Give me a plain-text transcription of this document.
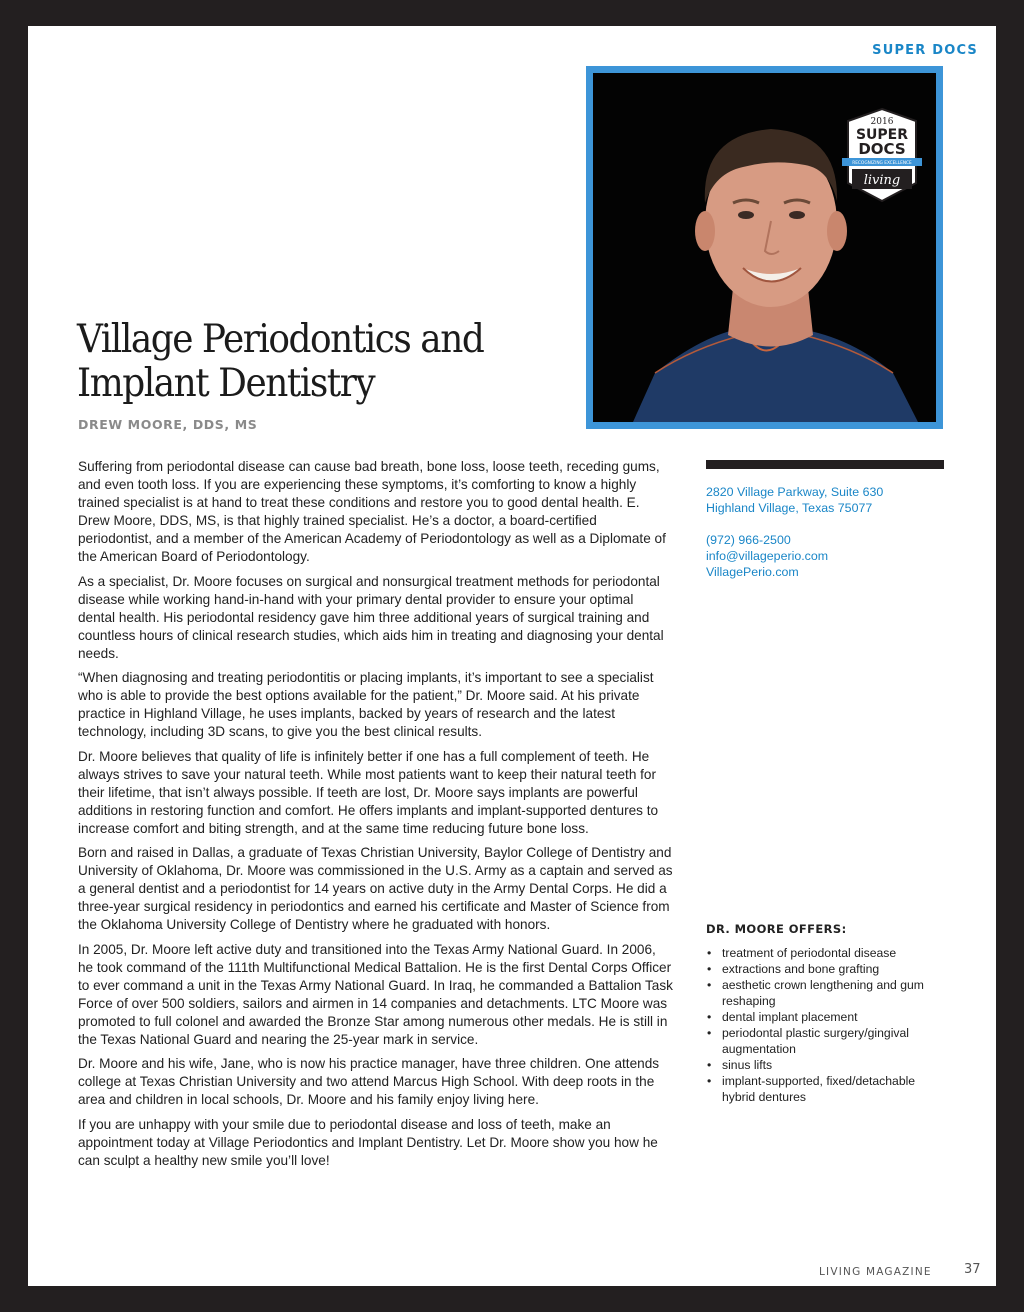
SUPER DOCS
2016
SUPER
DOCS
RECOGNIZING EXCELLENCE
living
Village Periodontics and
Implant Dentistry
DREW MOORE, DDS, MS

Suffering from periodontal disease can cause bad breath, bone loss, loose teeth, receding gums, and even tooth loss. If you are experiencing these symptoms, it’s comforting to know a highly trained specialist is at hand to treat these conditions and restore you to good dental health. E. Drew Moore, DDS, MS, is that highly trained specialist. He’s a doctor, a board-certified periodontist, and a member of the American Academy of Periodontology as well as a Diplomate of the American Board of Periodontology.

As a specialist, Dr. Moore focuses on surgical and nonsurgical treatment methods for periodontal disease while working hand-in-hand with your primary dental provider to ensure your optimal dental health. His periodontal residency gave him three additional years of surgical training and countless hours of clinical research studies, which aids him in treating and diagnosing your dental needs.

“When diagnosing and treating periodontitis or placing implants, it’s important to see a specialist who is able to provide the best options available for the patient,” Dr. Moore said. At his private practice in Highland Village, he uses implants, backed by years of research and the latest technology, including 3D scans, to give you the best clinical results.

Dr. Moore believes that quality of life is infinitely better if one has a full complement of teeth. He always strives to save your natural teeth. While most patients want to keep their natural teeth for their lifetime, that isn’t always possible. If teeth are lost, Dr. Moore says implants are powerful additions in restoring function and comfort. He offers implants and implant-supported dentures to increase comfort and biting strength, and at the same time reducing future bone loss.

Born and raised in Dallas, a graduate of Texas Christian University, Baylor College of Dentistry and University of Oklahoma, Dr. Moore was commissioned in the U.S. Army as a captain and served as a general dentist and a periodontist for 14 years on active duty in the Army Dental Corps. He did a three-year surgical residency in periodontics and earned his certificate and Master of Science from the Oklahoma University College of Dentistry where he graduated with honors.

In 2005, Dr. Moore left active duty and transitioned into the Texas Army National Guard. In 2006, he took command of the 111th Multifunctional Medical Battalion. He is the first Dental Corps Officer to ever command a unit in the Texas Army National Guard. In Iraq, he commanded a Battalion Task Force of over 500 soldiers, sailors and airmen in 14 companies and detachments. LTC Moore was promoted to full colonel and awarded the Bronze Star among numerous other medals. He is still in the Texas National Guard and nearing the 25-year mark in service.

Dr. Moore and his wife, Jane, who is now his practice manager, have three children. One attends college at Texas Christian University and two attend Marcus High School. With deep roots in the area and children in local schools, Dr. Moore and his family enjoy living here.

If you are unhappy with your smile due to periodontal disease and loss of teeth, make an appointment today at Village Periodontics and Implant Dentistry. Let Dr. Moore show you how he can sculpt a healthy new smile you’ll love!

2820 Village Parkway, Suite 630
Highland Village, Texas 75077
(972) 966-2500
info@villageperio.com
VillagePerio.com
DR. MOORE OFFERS:
• treatment of periodontal disease
• extractions and bone grafting
• aesthetic crown lengthening and gum reshaping
• dental implant placement
• periodontal plastic surgery/gingival augmentation
• sinus lifts
• implant-supported, fixed/detachable hybrid dentures
LIVING MAGAZINE 37
